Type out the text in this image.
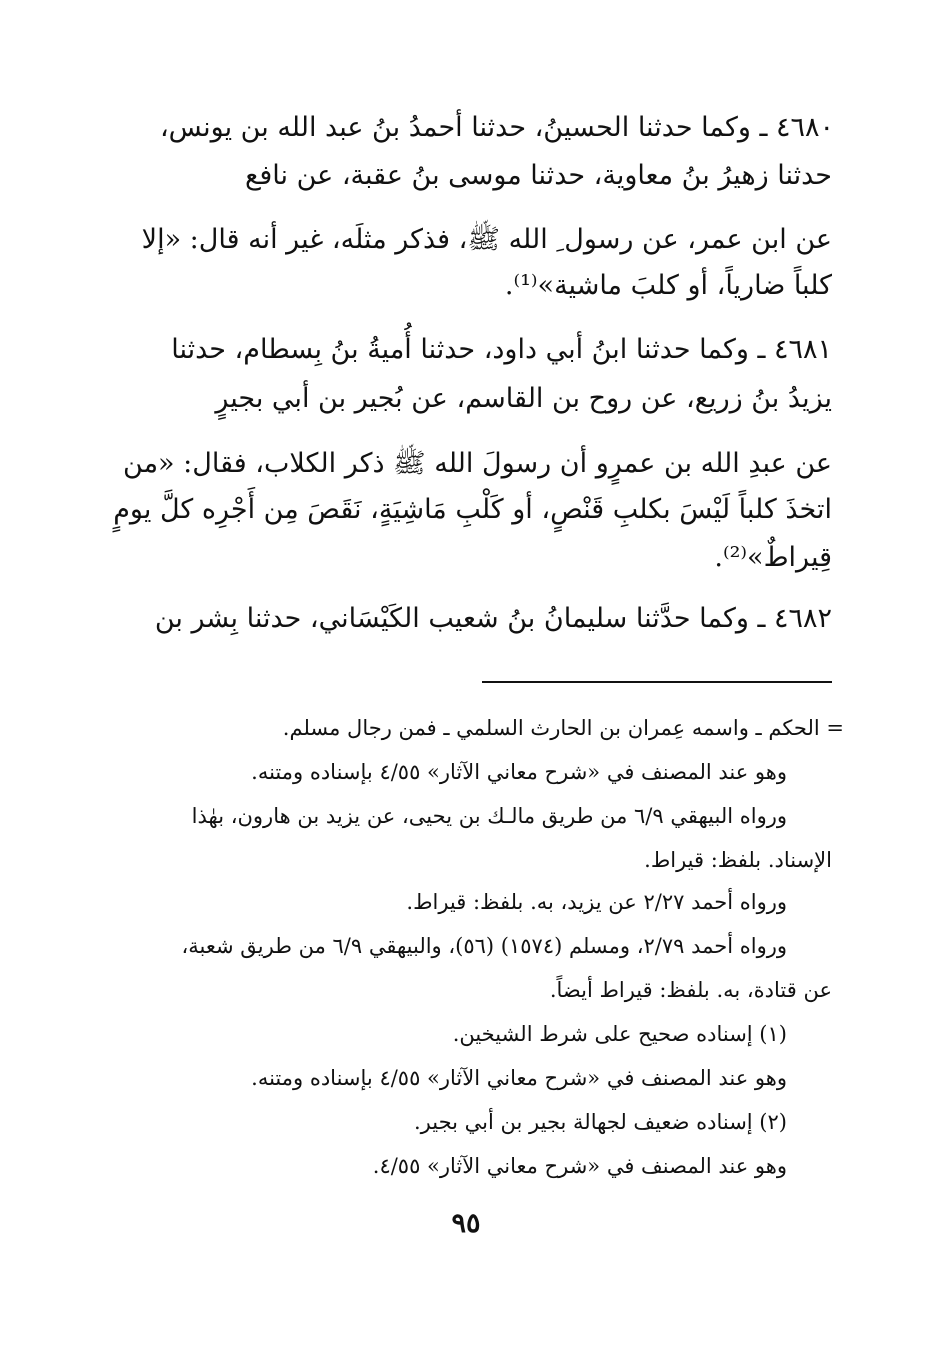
٤٦٨٠ ـ وكما حدثنا الحسينُ، حدثنا أحمدُ بنُ عبد الله بن يونس،
حدثنا زهيرُ بنُ معاوية، حدثنا موسى بنُ عقبة، عن نافع
عن ابن عمر، عن رسول ِ الله ﷺ، فذكر مثلَه، غير أنه قال: «إلا
كلباً ضارياً، أو كلبَ ماشية»⁽¹⁾.
٤٦٨١ ـ وكما حدثنا ابنُ أبي داود، حدثنا أُميةُ بنُ بِسطام، حدثنا
يزيدُ بنُ زريع، عن روح بن القاسم، عن بُجير بن أبي بجيرٍ
عن عبدِ الله بن عمرٍو أن رسولَ الله ﷺ ذكر الكلاب، فقال: «من
اتخذَ كلباً لَيْسَ بكلبِ قَنْصٍ، أو كَلْبِ مَاشِيَةٍ، نَقَصَ مِن أَجْرِه كلَّ يومٍ
قِيراطٌ»⁽²⁾.
٤٦٨٢ ـ وكما حدَّثنا سليمانُ بنُ شعيب الكَيْسَاني، حدثنا بِشر بن
= الحكم ـ واسمه عِمران بن الحارث السلمي ـ فمن رجال مسلم.
وهو عند المصنف في «شرح معاني الآثار» ٤/٥٥ بإسناده ومتنه.
ورواه البيهقي ٦/٩ من طريق مالـك بن يحيى، عن يزيد بن هارون، بهٰذا
الإسناد. بلفظ: قيراط.
ورواه أحمد ٢/٢٧ عن يزيد، به. بلفظ: قيراط.
ورواه أحمد ٢/٧٩، ومسلم (١٥٧٤) (٥٦)، والبيهقي ٦/٩ من طريق شعبة،
عن قتادة، به. بلفظ: قيراط أيضاً.
(١) إسناده صحيح على شرط الشيخين.
وهو عند المصنف في «شرح معاني الآثار» ٤/٥٥ بإسناده ومتنه.
(٢) إسناده ضعيف لجهالة بجير بن أبي بجير.
وهو عند المصنف في «شرح معاني الآثار» ٤/٥٥.
٩٥
